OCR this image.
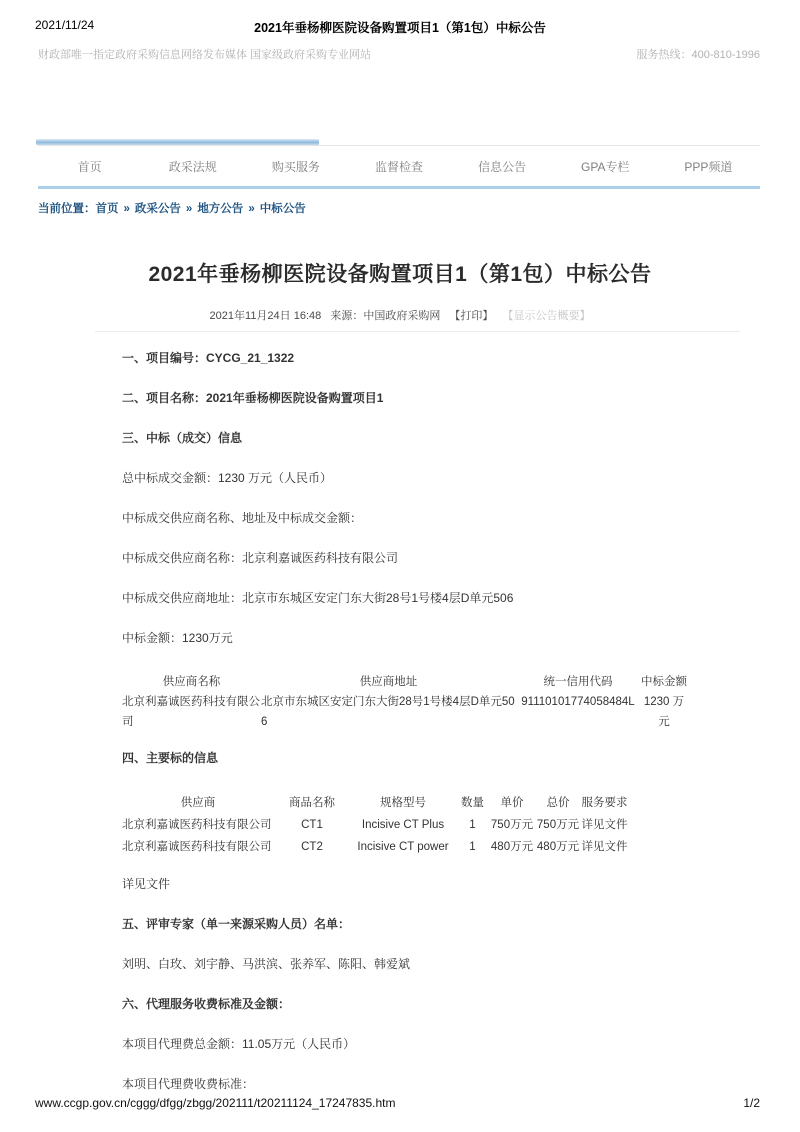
2021/11/24	2021年垂杨柳医院设备购置项目1（第1包）中标公告
财政部唯一指定政府采购信息网络发布媒体 国家级政府采购专业网站	服务热线：400-810-1996
首页	政采法规	购买服务	监督检查	信息公告	GPA专栏	PPP频道
当前位置：首页 » 政采公告 » 地方公告 » 中标公告
2021年垂杨柳医院设备购置项目1（第1包）中标公告
2021年11月24日 16:48 来源：中国政府采购网 【打印】 【显示公告概要】

一、项目编号：CYCG_21_1322

二、项目名称：2021年垂杨柳医院设备购置项目1

三、中标（成交）信息

总中标成交金额：1230 万元（人民币）

中标成交供应商名称、地址及中标成交金额：

中标成交供应商名称：北京利嘉诚医药科技有限公司

中标成交供应商地址：北京市东城区安定门东大街28号1号楼4层D单元506

中标金额：1230万元

供应商名称	供应商地址	统一信用代码	中标金额
北京利嘉诚医药科技有限公司	北京市东城区安定门东大街28号1号楼4层D单元506	91110101774058484L	1230 万元

四、主要标的信息

供应商	商品名称	规格型号	数量	单价	总价	服务要求
北京利嘉诚医药科技有限公司	CT1	Incisive CT Plus	1	750万元	750万元	详见文件
北京利嘉诚医药科技有限公司	CT2	Incisive CT power	1	480万元	480万元	详见文件

详见文件

五、评审专家（单一来源采购人员）名单：

刘明、白玫、刘宇静、马洪滨、张养军、陈阳、韩爱斌

六、代理服务收费标准及金额：

本项目代理费总金额：11.05万元（人民币）

本项目代理费收费标准：

www.ccgp.gov.cn/cggg/dfgg/zbgg/202111/t20211124_17247835.htm	1/2
